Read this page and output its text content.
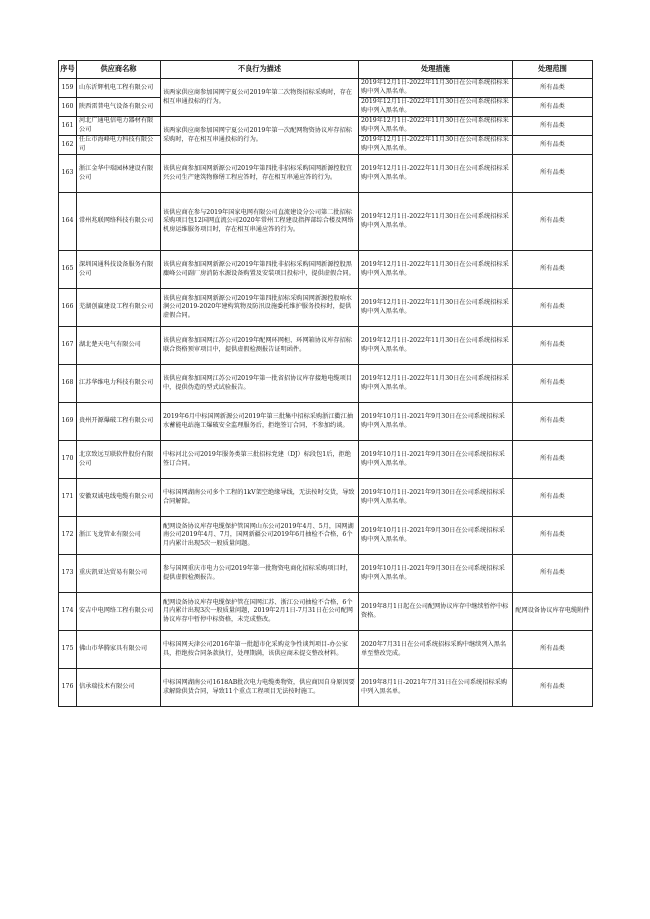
序号	供应商名称	不良行为描述	处理措施	处理范围
159	山东沂辉机电工程有限公司	该两家供应商参加国网宁夏公司2019年第二次物资招标采购时，存在相互串通投标的行为。	2019年12月1日-2022年11月30日在公司系统招标采购中列入黑名单。	所有品类
160	陕西雷普电气设备有限公司		2019年12月1日-2022年11月30日在公司系统招标采购中列入黑名单。	所有品类
161	河北广通电信电力器材有限公司	该两家供应商参加国网宁夏公司2019年第一次配网物资协议库存招标采购时，存在相互串通投标的行为。	2019年12月1日-2022年11月30日在公司系统招标采购中列入黑名单。	所有品类
162	任丘市海峰电力科技有限公司		2019年12月1日-2022年11月30日在公司系统招标采购中列入黑名单。	所有品类
163	浙江金华中瑞园林建设有限公司	该供应商参加国网新源公司2019年第四批非招标采购国网新源控股宜兴公司生产建筑物修缮工程应答时，存在相互串通应答的行为。	2019年12月1日-2022年11月30日在公司系统招标采购中列入黑名单。	所有品类
164	常州兆联网络科技有限公司	该供应商在参与2019年国家电网有限公司直流建设分公司第二批招标采购项目包12国网直流公司2020年常州工程建设指挥部综合楼及网络机房运维服务项目时，存在相互串通应答的行为。	2019年12月1日-2022年11月30日在公司系统招标采购中列入黑名单。	所有品类
165	深圳国通科技设备服务有限公司	该供应商参加国网新源公司2019年第四批非招标采购国网新源控股黑麋峰公司副厂房消防水源设备购置及安装项目投标中，提供虚假合同。	2019年12月1日-2022年11月30日在公司系统招标采购中列入黑名单。	所有品类
166	芜湖创赢建设工程有限公司	该供应商参加国网新源公司2019年第四批招标采购国网新源控股响水涧公司2019-2020年建构筑物及防汛设施委托维护服务投标时，提供虚假合同。	2019年12月1日-2022年11月30日在公司系统招标采购中列入黑名单。	所有品类
167	湖北楚天电气有限公司	该供应商参加国网江苏公司2019年配网环网柜、环网箱协议库存招标联合资格预审项目中，提供虚假检测报告证明函件。	2019年12月1日-2022年11月30日在公司系统招标采购中列入黑名单。	所有品类
168	江苏华维电力科技有限公司	该供应商参加国网江苏公司2019年第一批省招协议库存接地电缆项目中，提供伪造的型式试验报告。	2019年12月1日-2022年11月30日在公司系统招标采购中列入黑名单。	所有品类
169	贵州开源爆破工程有限公司	2019年6月中标国网新源公司2019年第三批集中招标采购浙江衢江抽水蓄能电站施工爆破安全监理服务后，拒绝签订合同，不参加约谈。	2019年10月1日-2021年9月30日在公司系统招标采购中列入黑名单。	所有品类
170	北京致远互联软件股份有限公司	中标河北公司2019年服务类第三批招标党建（DJ）标段包1后，拒绝签订合同。	2019年10月1日-2021年9月30日在公司系统招标采购中列入黑名单。	所有品类
171	安徽双诚电线电缆有限公司	中标国网湖南公司多个工程的1kV架空绝缘导线，无法按时交货，导致合同解除。	2019年10月1日-2021年9月30日在公司系统招标采购中列入黑名单。	所有品类
172	浙江飞龙管业有限公司	配网设备协议库存电缆保护管国网山东公司2019年4月、5月，国网湖南公司2019年4月、7月，国网新疆公司2019年6月抽检不合格，6个月内累计出现5次一般质量问题。	2019年10月1日-2021年9月30日在公司系统招标采购中列入黑名单。	所有品类
173	重庆凯亚达贸易有限公司	参与国网重庆市电力公司2019年第一批物资电商化招标采购项目时，提供虚假检测报告。	2019年10月1日-2021年9月30日在公司系统招标采购中列入黑名单。	所有品类
174	安吉中电网络工程有限公司	配网设备协议库存电缆保护管在国网江苏、浙江公司抽检不合格，6个月内累计出现3次一般质量问题，2019年2月1日-7月31日在公司配网协议库存中暂停中标资格，未完成整改。	2019年8月1日起在公司配网协议库存中继续暂停中标资格。	配网设备协议库存电缆附件
175	佛山市华腾家具有限公司	中标国网天津公司2016年第一批超市化采购竞争性谈判项目-办公家具，拒绝按合同条款执行，处理期满，该供应商未提交整改材料。	2020年7月31日在公司系统招标采购中继续列入黑名单至整改完成。	所有品类
176	信承瑞技术有限公司	中标国网湖南公司1618AB批次电力电缆类物资，供应商因自身原因要求解除供货合同，导致11个重点工程项目无法按时施工。	2019年8月1日-2021年7月31日在公司系统招标采购中列入黑名单。	所有品类
